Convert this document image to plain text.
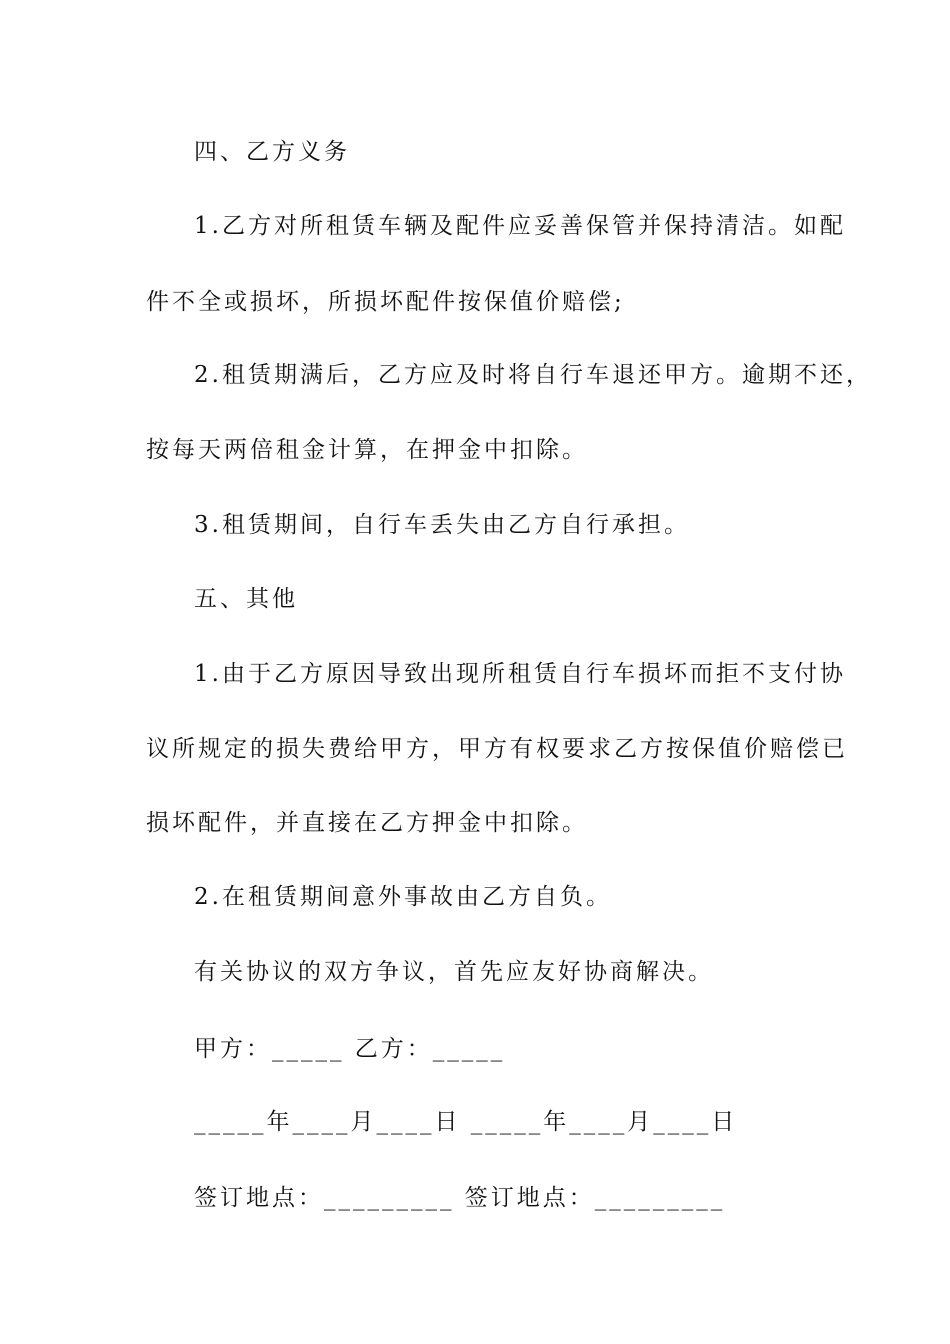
四、乙方义务
1.乙方对所租赁车辆及配件应妥善保管并保持清洁。如配
件不全或损坏，所损坏配件按保值价赔偿;
2.租赁期满后，乙方应及时将自行车退还甲方。逾期不还，
按每天两倍租金计算，在押金中扣除。
3.租赁期间，自行车丢失由乙方自行承担。
五、其他
1.由于乙方原因导致出现所租赁自行车损坏而拒不支付协
议所规定的损失费给甲方，甲方有权要求乙方按保值价赔偿已
损坏配件，并直接在乙方押金中扣除。
2.在租赁期间意外事故由乙方自负。
有关协议的双方争议，首先应友好协商解决。
甲方：_____ 乙方：_____
_____年____月____日 _____年____月____日
签订地点：_________ 签订地点：_________
